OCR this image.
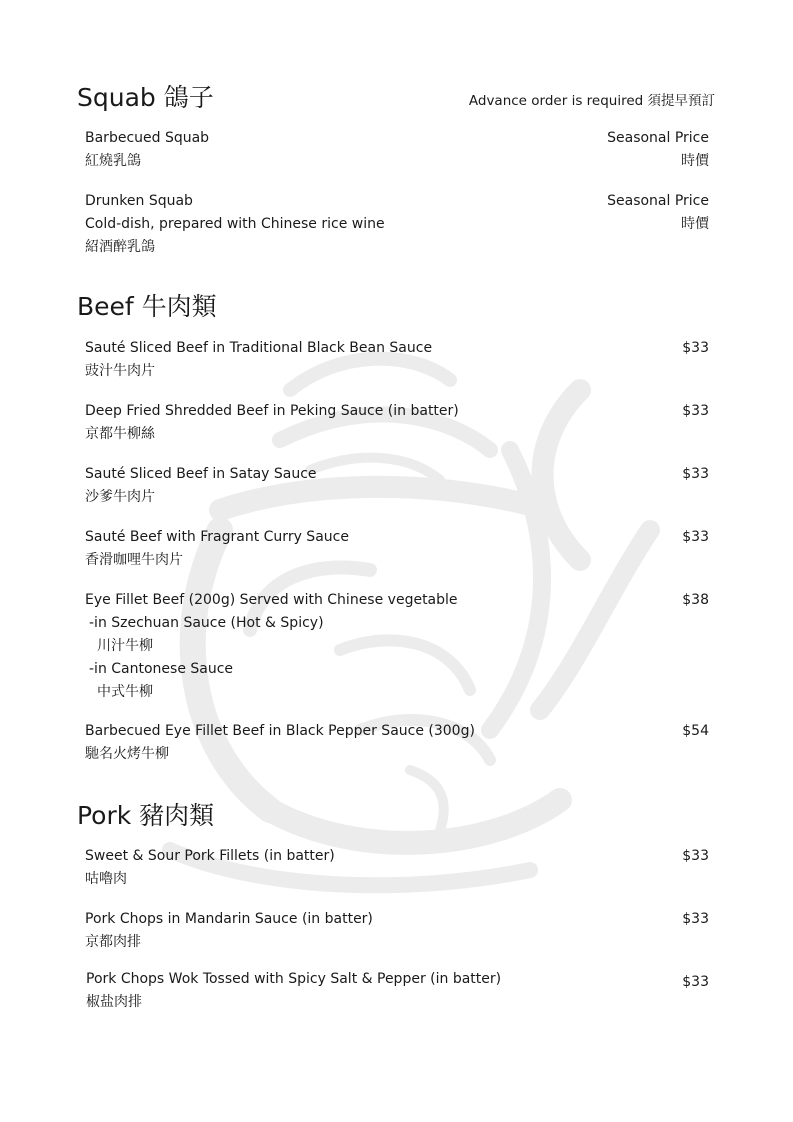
Squab 鴿子	Advance order is required 須提早預訂
Barbecued Squab
紅燒乳鴿
Seasonal Price
時價
Drunken Squab
Cold-dish, prepared with Chinese rice wine
紹酒醉乳鴿
Seasonal Price
時價
Beef 牛肉類
Sauté Sliced Beef in Traditional Black Bean Sauce
豉汁牛肉片
$33
Deep Fried Shredded Beef in Peking Sauce (in batter)
京都牛柳絲
$33
Sauté Sliced Beef in Satay Sauce
沙爹牛肉片
$33
Sauté Beef with Fragrant Curry Sauce
香滑咖哩牛肉片
$33
Eye Fillet Beef (200g) Served with Chinese vegetable
-in Szechuan Sauce (Hot & Spicy)
川汁牛柳
-in Cantonese Sauce
中式牛柳
$38
Barbecued Eye Fillet Beef in Black Pepper Sauce (300g)
馳名火烤牛柳
$54
Pork 豬肉類
Sweet & Sour Pork Fillets (in batter)
咕嚕肉
$33
Pork Chops in Mandarin Sauce (in batter)
京都肉排
$33
Pork Chops Wok Tossed with Spicy Salt & Pepper (in batter)
椒盐肉排
$33
